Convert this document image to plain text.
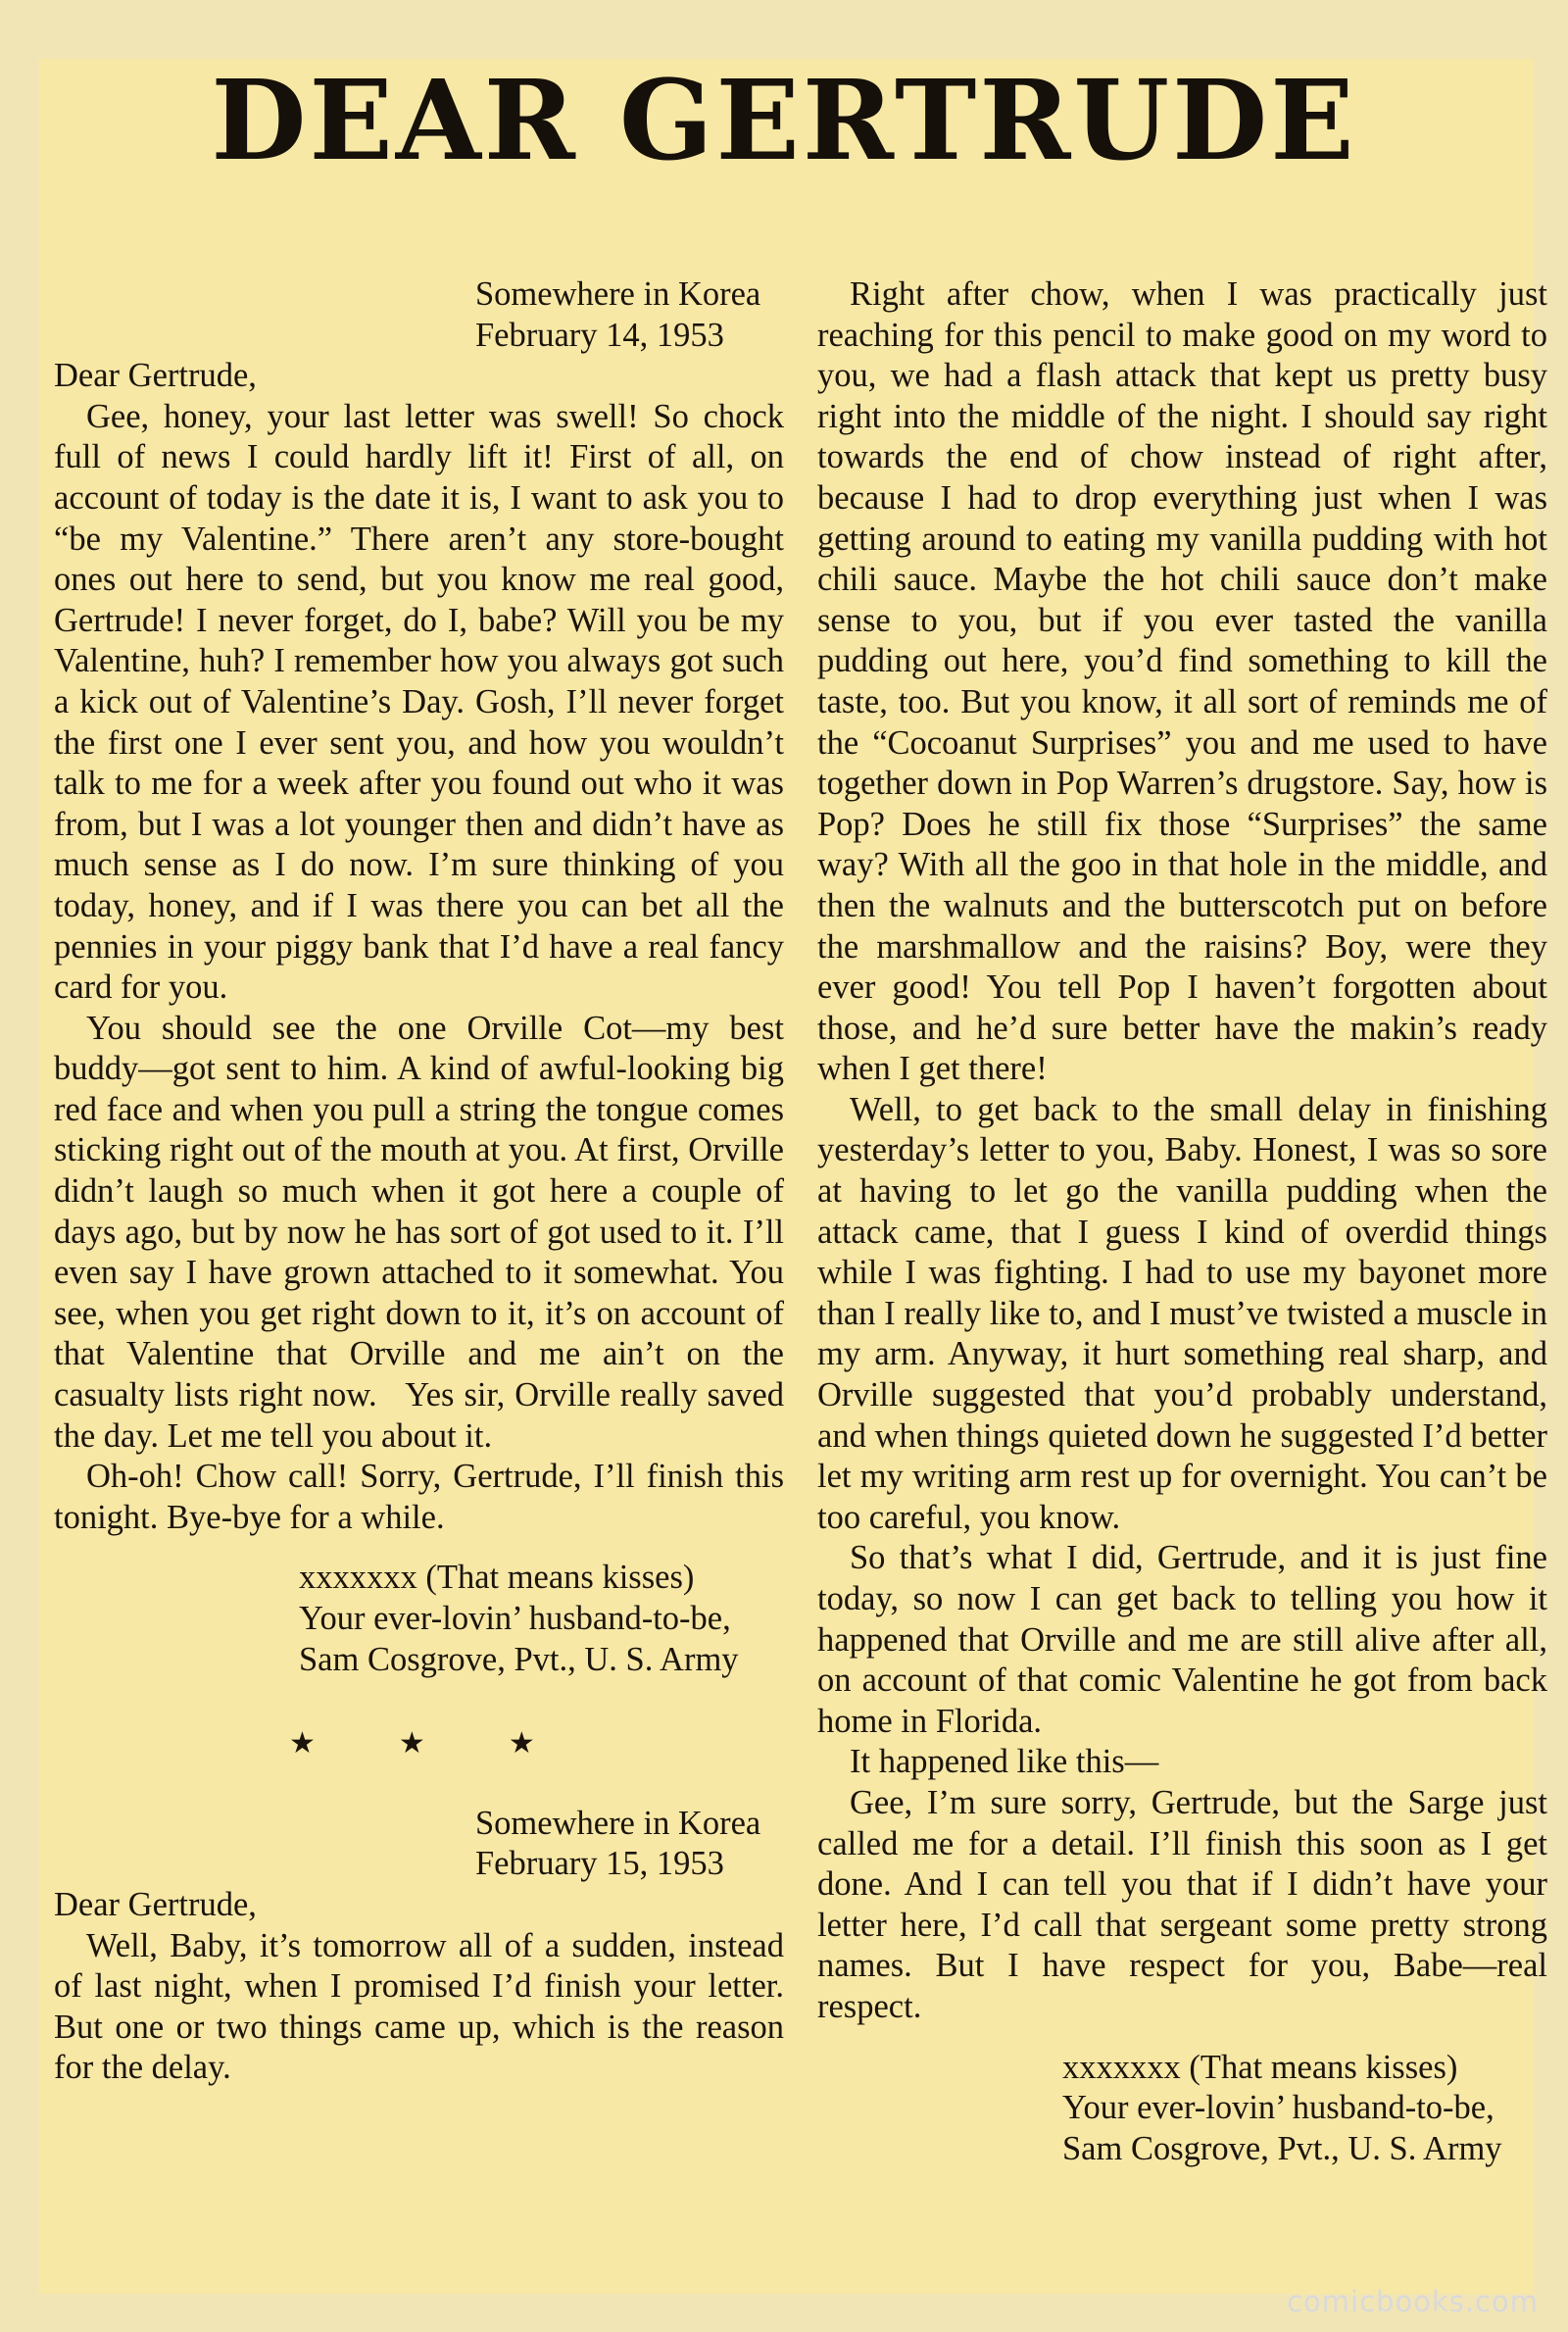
DEAR GERTRUDE
Somewhere in Korea
February 14, 1953

Dear Gertrude,

Gee, honey, your last letter was swell! So chock full of news I could hardly lift it! First of all, on account of today is the date it is, I want to ask you to “be my Valentine.” There aren’t any store-bought ones out here to send, but you know me real good, Gertrude! I never forget, do I, babe? Will you be my Valentine, huh? I remember how you always got such a kick out of Valentine’s Day. Gosh, I’ll never forget the first one I ever sent you, and how you wouldn’t talk to me for a week after you found out who it was from, but I was a lot younger then and didn’t have as much sense as I do now. I’m sure thinking of you today, honey, and if I was there you can bet all the pennies in your piggy bank that I’d have a real fancy card for you.

You should see the one Orville Cot—my best buddy—got sent to him. A kind of awful-looking big red face and when you pull a string the tongue comes sticking right out of the mouth at you. At first, Orville didn’t laugh so much when it got here a couple of days ago, but by now he has sort of got used to it. I’ll even say I have grown attached to it somewhat. You see, when you get right down to it, it’s on account of that Valentine that Orville and me ain’t on the casualty lists right now.   Yes sir, Orville really saved the day. Let me tell you about it.

Oh-oh! Chow call! Sorry, Gertrude, I’ll finish this tonight. Bye-bye for a while.

xxxxxxx (That means kisses)
Your ever-lovin’ husband-to-be,
Sam Cosgrove, Pvt., U. S. Army
★	★	★
Somewhere in Korea
February 15, 1953

Dear Gertrude,

Well, Baby, it’s tomorrow all of a sudden, instead of last night, when I promised I’d finish your letter. But one or two things came up, which is the reason for the delay.

Right after chow, when I was practically just reaching for this pencil to make good on my word to you, we had a flash attack that kept us pretty busy right into the middle of the night. I should say right towards the end of chow instead of right after, because I had to drop everything just when I was getting around to eating my vanilla pudding with hot chili sauce. Maybe the hot chili sauce don’t make sense to you, but if you ever tasted the vanilla pudding out here, you’d find something to kill the taste, too. But you know, it all sort of reminds me of the “Cocoanut Surprises” you and me used to have together down in Pop Warren’s drugstore. Say, how is Pop? Does he still fix those “Surprises” the same way? With all the goo in that hole in the middle, and then the walnuts and the butterscotch put on before the marshmallow and the raisins? Boy, were they ever good! You tell Pop I haven’t forgotten about those, and he’d sure better have the makin’s ready when I get there!

Well, to get back to the small delay in finishing yesterday’s letter to you, Baby. Honest, I was so sore at having to let go the vanilla pudding when the attack came, that I guess I kind of overdid things while I was fighting. I had to use my bayonet more than I really like to, and I must’ve twisted a muscle in my arm. Anyway, it hurt something real sharp, and Orville suggested that you’d probably understand, and when things quieted down he suggested I’d better let my writing arm rest up for overnight. You can’t be too careful, you know.

So that’s what I did, Gertrude, and it is just fine today, so now I can get back to telling you how it happened that Orville and me are still alive after all, on account of that comic Valentine he got from back home in Florida.

It happened like this—

Gee, I’m sure sorry, Gertrude, but the Sarge just called me for a detail. I’ll finish this soon as I get done. And I can tell you that if I didn’t have your letter here, I’d call that sergeant some pretty strong names. But I have respect for you, Babe—real respect.

xxxxxxx (That means kisses)
Your ever-lovin’ husband-to-be,
Sam Cosgrove, Pvt., U. S. Army
comicbooks.com
